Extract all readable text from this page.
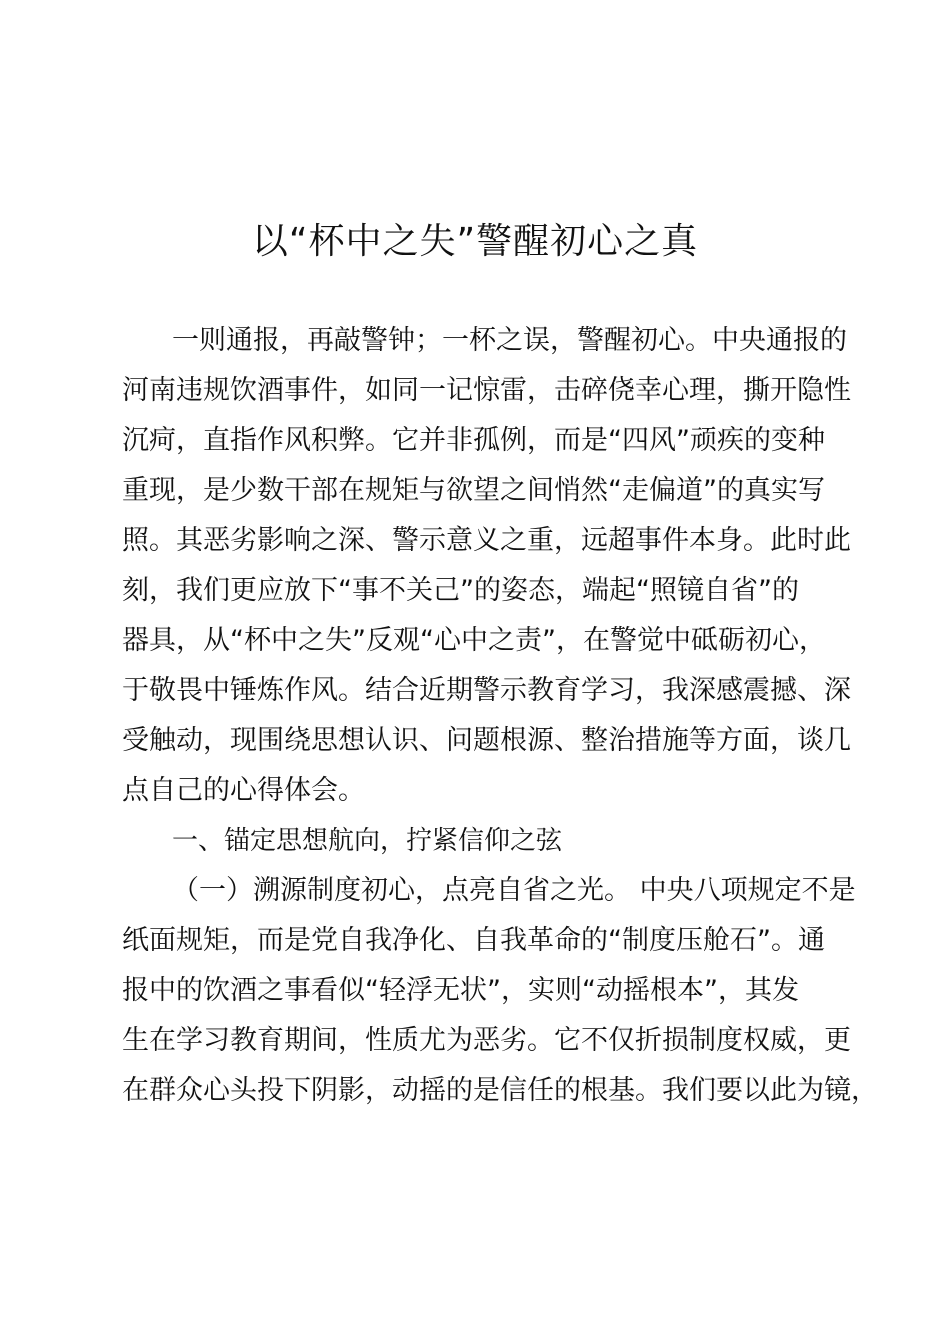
以“杯中之失”警醒初心之真

一则通报，再敲警钟；一杯之误，警醒初心。中央通报的

河南违规饮酒事件，如同一记惊雷，击碎侥幸心理，撕开隐性

沉疴，直指作风积弊。它并非孤例，而是“四风”顽疾的变种

重现，是少数干部在规矩与欲望之间悄然“走偏道”的真实写

照。其恶劣影响之深、警示意义之重，远超事件本身。此时此

刻，我们更应放下“事不关己”的姿态，端起“照镜自省”的

器具，从“杯中之失”反观“心中之责”，在警觉中砥砺初心，

于敬畏中锤炼作风。结合近期警示教育学习，我深感震撼、深

受触动，现围绕思想认识、问题根源、整治措施等方面，谈几

点自己的心得体会。

一、锚定思想航向，拧紧信仰之弦

（一）溯源制度初心，点亮自省之光。 中央八项规定不是

纸面规矩，而是党自我净化、自我革命的“制度压舱石”。通

报中的饮酒之事看似“轻浮无状”，实则“动摇根本”，其发

生在学习教育期间，性质尤为恶劣。它不仅折损制度权威，更

在群众心头投下阴影，动摇的是信任的根基。我们要以此为镜，
